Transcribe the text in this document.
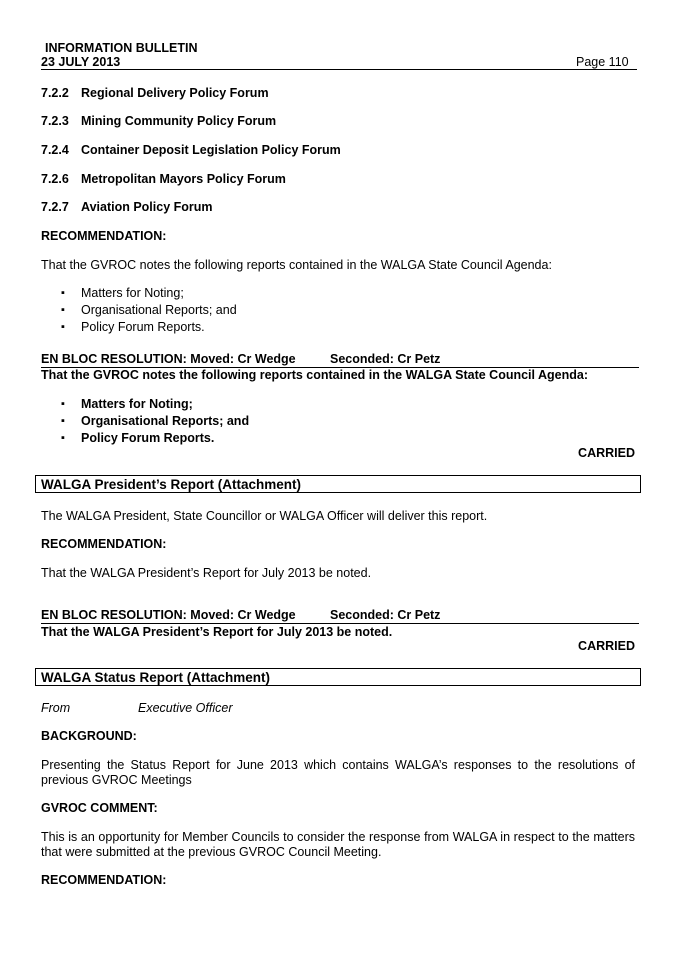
INFORMATION BULLETIN
23 JULY 2013	Page 110
7.2.2 Regional Delivery Policy Forum
7.2.3 Mining Community Policy Forum
7.2.4 Container Deposit Legislation Policy Forum
7.2.6 Metropolitan Mayors Policy Forum
7.2.7 Aviation Policy Forum
RECOMMENDATION:
That the GVROC notes the following reports contained in the WALGA State Council Agenda:
▪ Matters for Noting;
▪ Organisational Reports; and
▪ Policy Forum Reports.
EN BLOC RESOLUTION: Moved: Cr Wedge	Seconded: Cr Petz
That the GVROC notes the following reports contained in the WALGA State Council Agenda:
▪ Matters for Noting;
▪ Organisational Reports; and
▪ Policy Forum Reports.
CARRIED
WALGA President’s Report (Attachment)
The WALGA President, State Councillor or WALGA Officer will deliver this report.
RECOMMENDATION:
That the WALGA President’s Report for July 2013 be noted.
EN BLOC RESOLUTION: Moved: Cr Wedge	Seconded: Cr Petz
That the WALGA President’s Report for July 2013 be noted.
CARRIED
WALGA Status Report (Attachment)
From	Executive Officer
BACKGROUND:
Presenting the Status Report for June 2013 which contains WALGA’s responses to the resolutions of previous GVROC Meetings
GVROC COMMENT:
This is an opportunity for Member Councils to consider the response from WALGA in respect to the matters that were submitted at the previous GVROC Council Meeting.
RECOMMENDATION:
